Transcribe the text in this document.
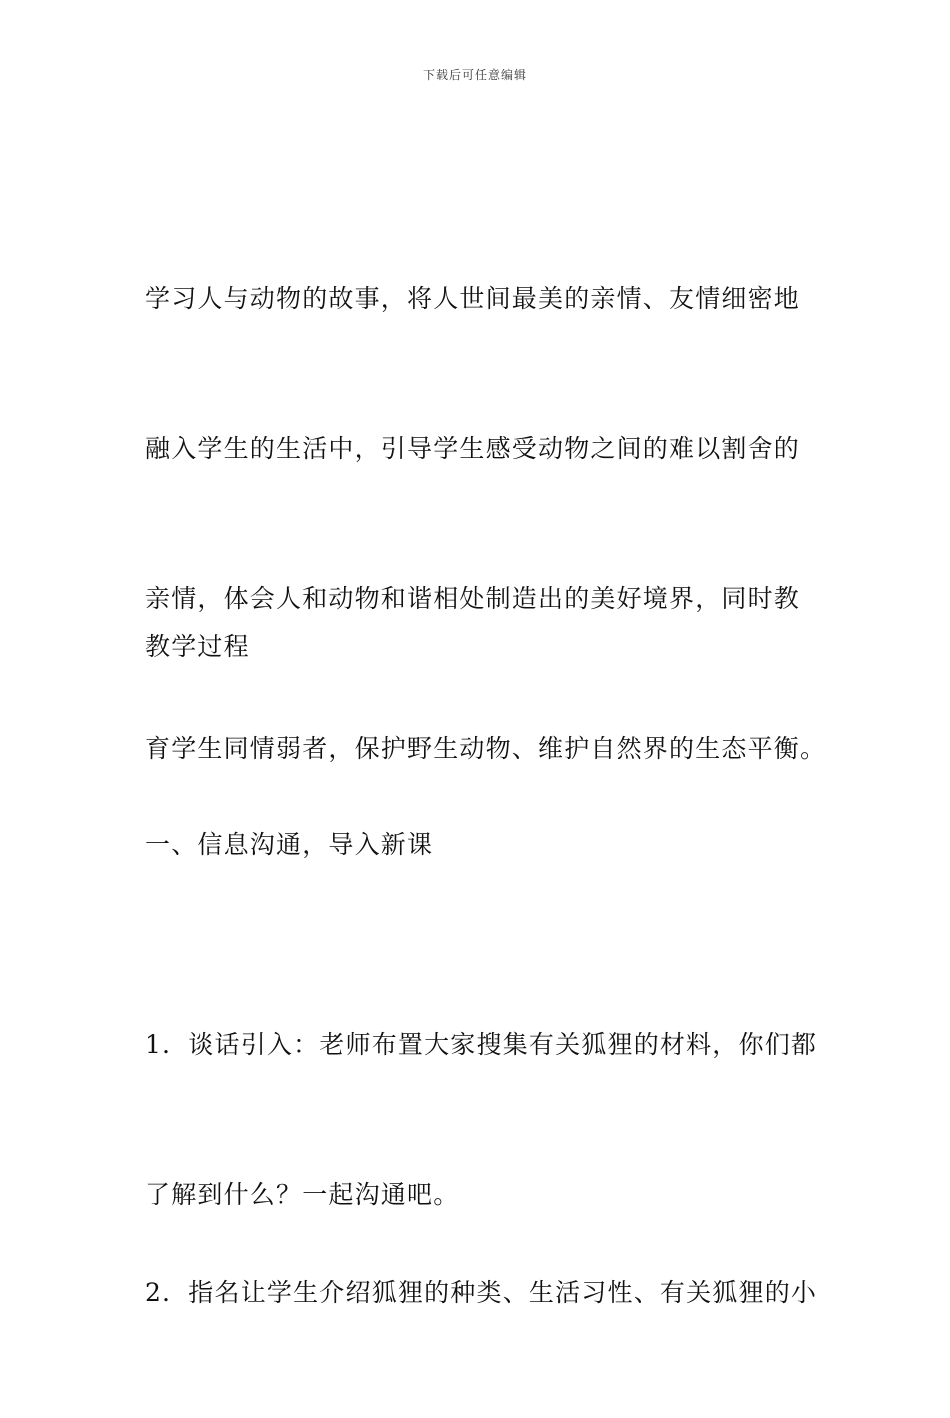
下载后可任意编辑

学习人与动物的故事，将人世间最美的亲情、友情细密地

融入学生的生活中，引导学生感受动物之间的难以割舍的

亲情，体会人和动物和谐相处制造出的美好境界，同时教

育学生同情弱者，保护野生动物、维护自然界的生态平衡。

教学过程

一、信息沟通，导入新课

1．谈话引入：老师布置大家搜集有关狐狸的材料，你们都

了解到什么？一起沟通吧。

2．指名让学生介绍狐狸的种类、生活习性、有关狐狸的小
